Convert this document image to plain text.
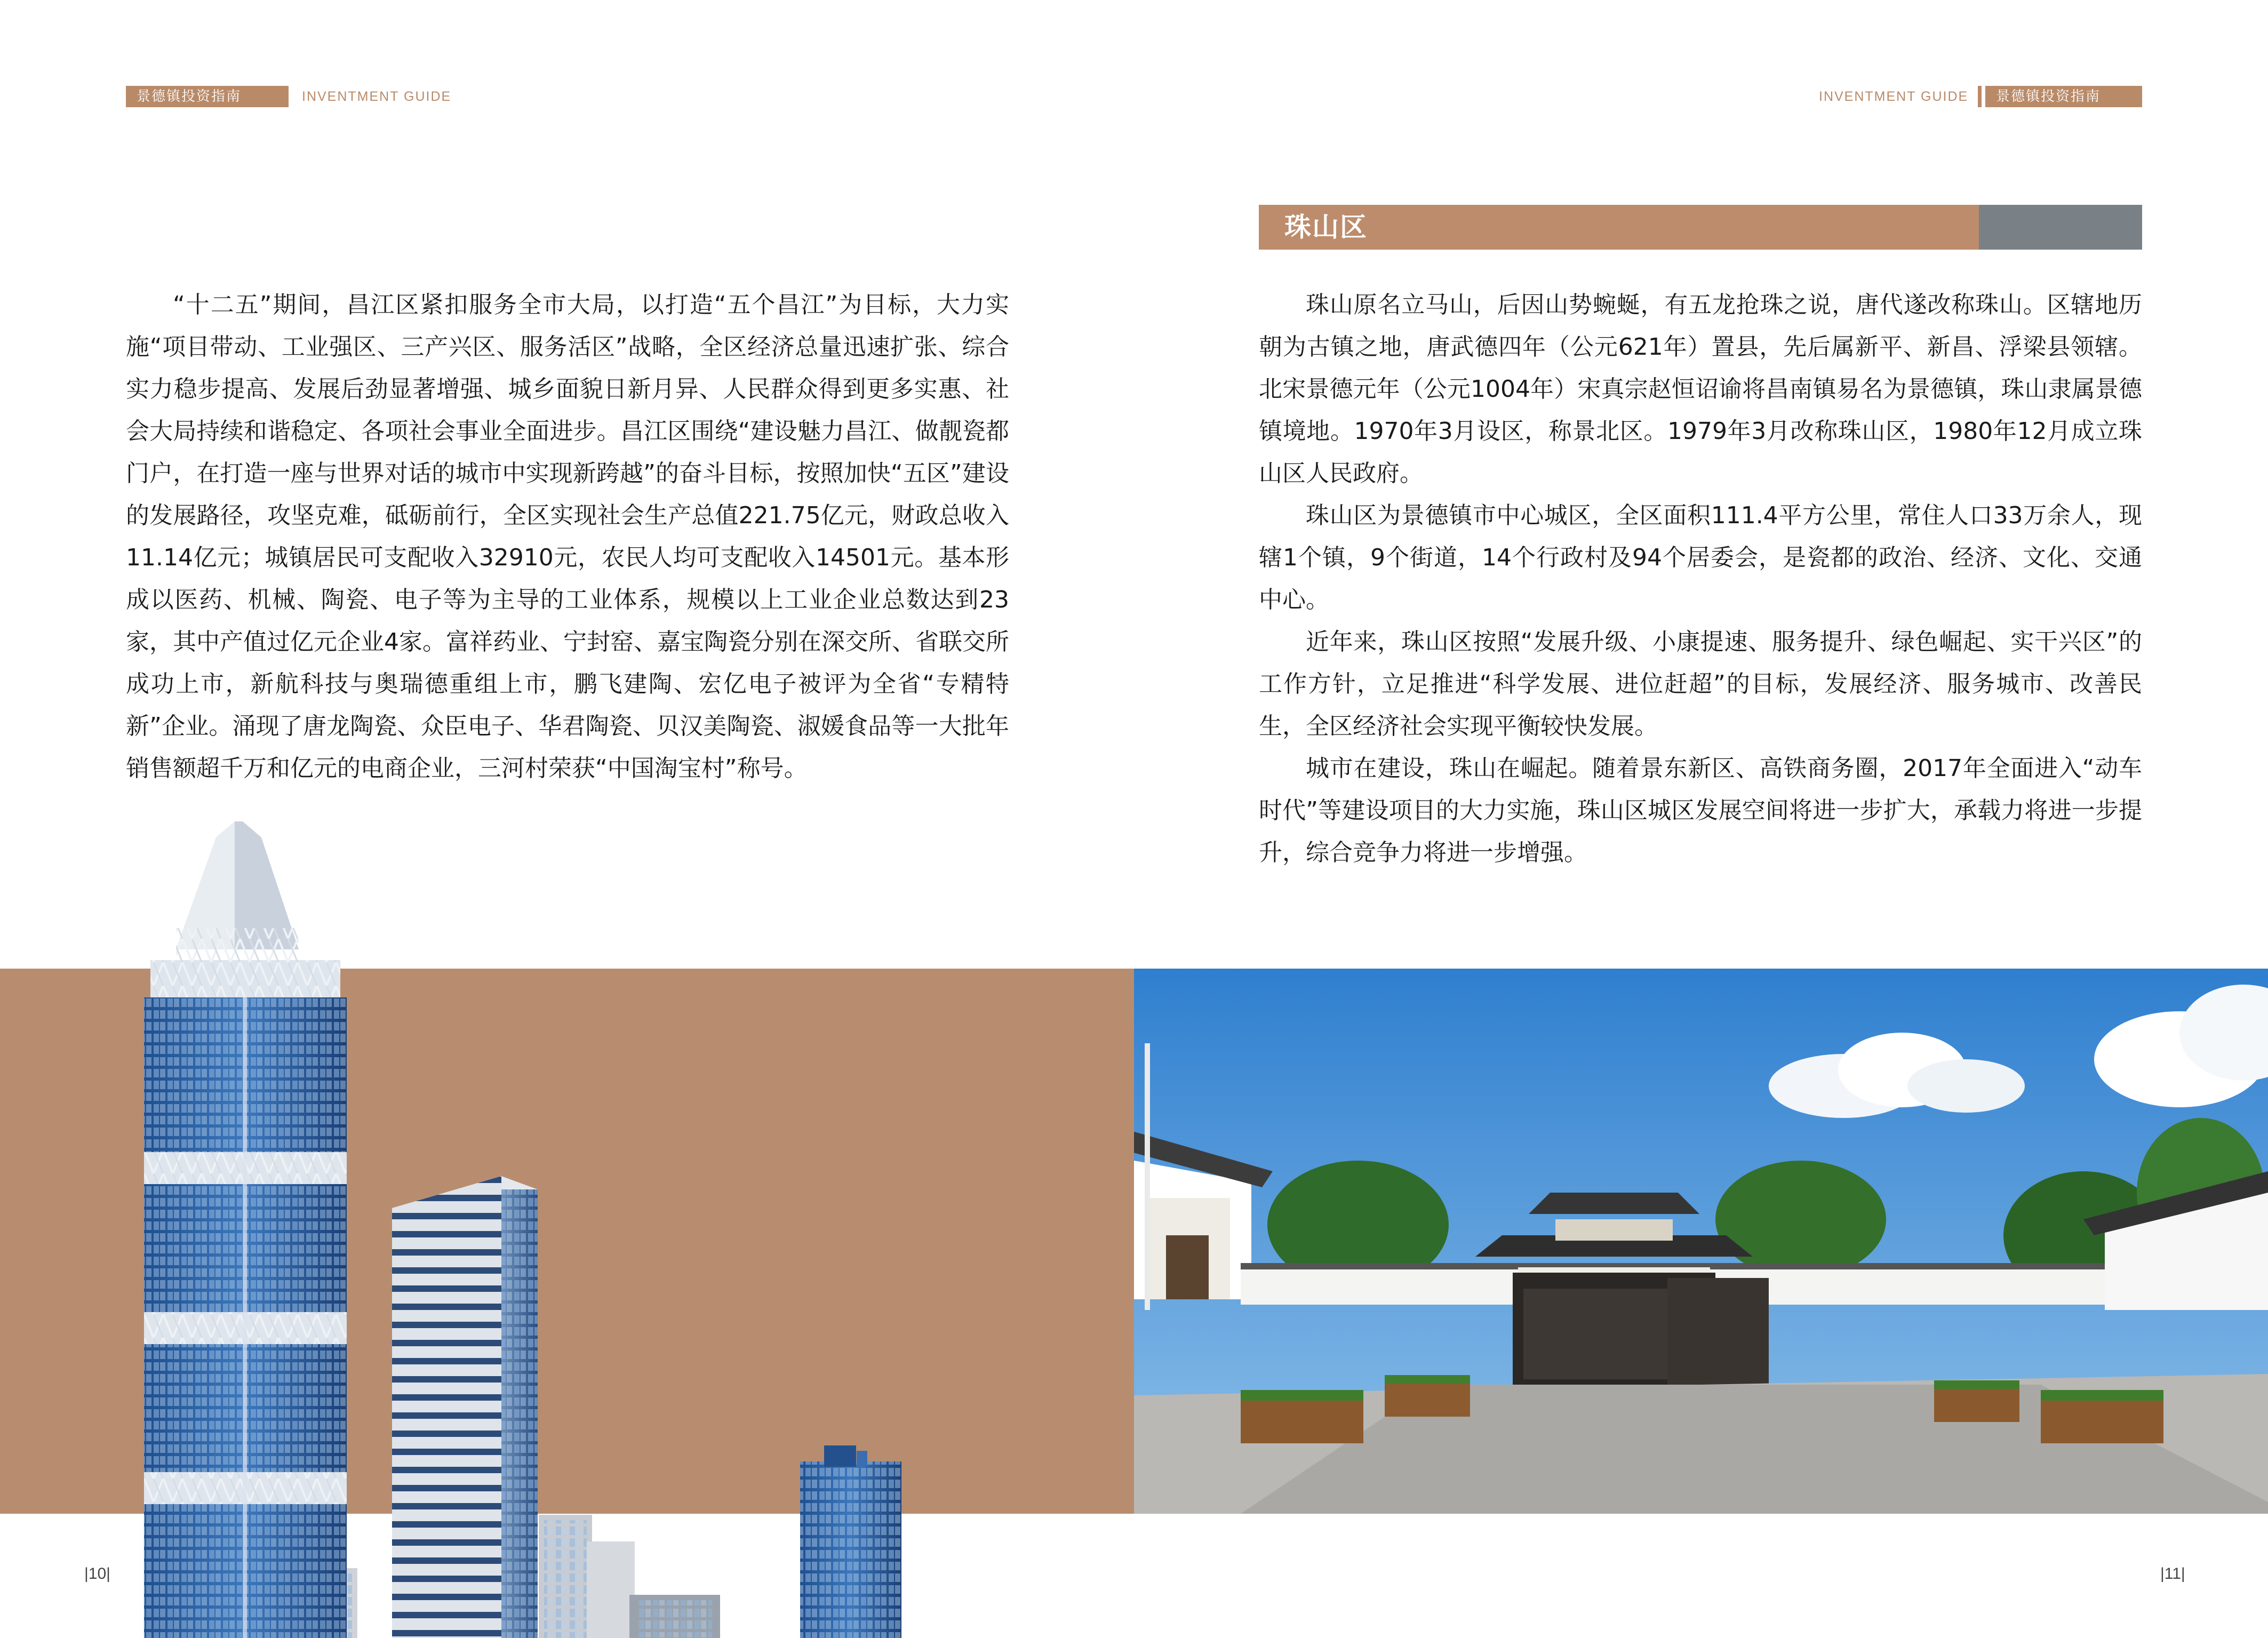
景德镇投资指南	INVENTMENT GUIDE	INVENTMENT GUIDE	景德镇投资指南

“十二五”期间，昌江区紧扣服务全市大局，以打造“五个昌江”为目标，大力实施“项目带动、工业强区、三产兴区、服务活区”战略，全区经济总量迅速扩张、综合实力稳步提高、发展后劲显著增强、城乡面貌日新月异、人民群众得到更多实惠、社会大局持续和谐稳定、各项社会事业全面进步。昌江区围绕“建设魅力昌江、做靓瓷都门户，在打造一座与世界对话的城市中实现新跨越”的奋斗目标，按照加快“五区”建设的发展路径，攻坚克难，砥砺前行，全区实现社会生产总值221.75亿元，财政总收入11.14亿元；城镇居民可支配收入32910元，农民人均可支配收入14501元。基本形成以医药、机械、陶瓷、电子等为主导的工业体系，规模以上工业企业总数达到23家，其中产值过亿元企业4家。富祥药业、宁封窑、嘉宝陶瓷分别在深交所、省联交所成功上市，新航科技与奥瑞德重组上市，鹏飞建陶、宏亿电子被评为全省“专精特新”企业。涌现了唐龙陶瓷、众臣电子、华君陶瓷、贝汉美陶瓷、淑媛食品等一大批年销售额超千万和亿元的电商企业，三河村荣获“中国淘宝村”称号。

珠山区

珠山原名立马山，后因山势蜿蜒，有五龙抢珠之说，唐代遂改称珠山。区辖地历朝为古镇之地，唐武德四年（公元621年）置县，先后属新平、新昌、浮梁县领辖。北宋景德元年（公元1004年）宋真宗赵恒诏谕将昌南镇易名为景德镇，珠山隶属景德镇境地。1970年3月设区，称景北区。1979年3月改称珠山区，1980年12月成立珠山区人民政府。

珠山区为景德镇市中心城区，全区面积111.4平方公里，常住人口33万余人，现辖1个镇，9个街道，14个行政村及94个居委会，是瓷都的政治、经济、文化、交通中心。

近年来，珠山区按照“发展升级、小康提速、服务提升、绿色崛起、实干兴区”的工作方针，立足推进“科学发展、进位赶超”的目标，发展经济、服务城市、改善民生，全区经济社会实现平衡较快发展。

城市在建设，珠山在崛起。随着景东新区、高铁商务圈，2017年全面进入“动车时代”等建设项目的大力实施，珠山区城区发展空间将进一步扩大，承载力将进一步提升，综合竞争力将进一步增强。

|10|	|11|
